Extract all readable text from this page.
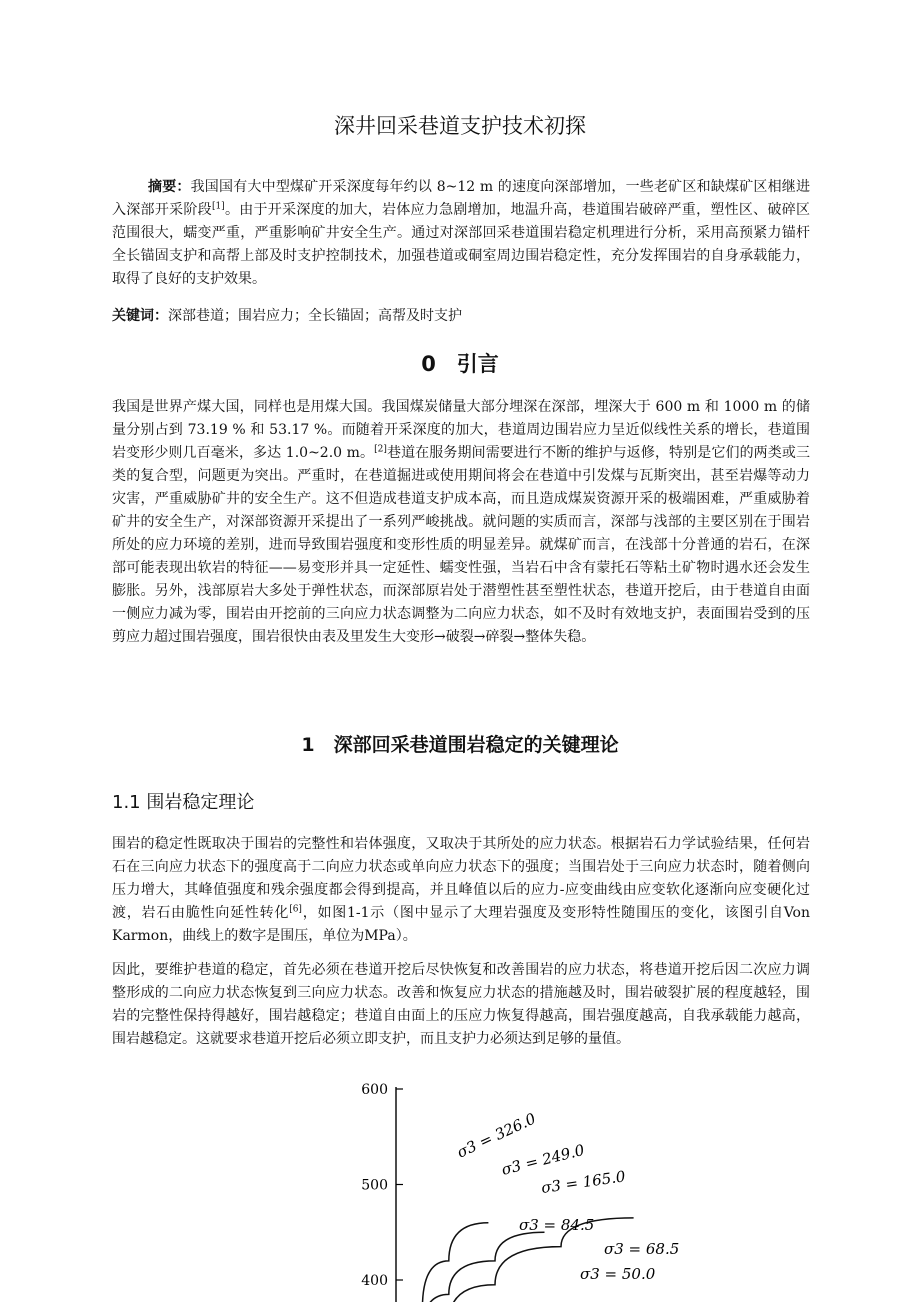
深井回采巷道支护技术初探

摘要：我国国有大中型煤矿开采深度每年约以 8~12 m 的速度向深部增加，一些老矿区和缺煤矿区相继进入深部开采阶段[1]。由于开采深度的加大，岩体应力急剧增加，地温升高，巷道围岩破碎严重，塑性区、破碎区范围很大，蠕变严重，严重影响矿井安全生产。通过对深部回采巷道围岩稳定机理进行分析，采用高预紧力锚杆全长锚固支护和高帮上部及时支护控制技术，加强巷道或硐室周边围岩稳定性，充分发挥围岩的自身承载能力，取得了良好的支护效果。

关键词：深部巷道；围岩应力；全长锚固；高帮及时支护

0　引言

我国是世界产煤大国，同样也是用煤大国。我国煤炭储量大部分埋深在深部，埋深大于 600 m 和 1000 m 的储量分别占到 73.19 % 和 53.17 %。而随着开采深度的加大，巷道周边围岩应力呈近似线性关系的增长，巷道围岩变形少则几百毫米，多达 1.0~2.0 m。[2]巷道在服务期间需要进行不断的维护与返修，特别是它们的两类或三类的复合型，问题更为突出。严重时，在巷道掘进或使用期间将会在巷道中引发煤与瓦斯突出，甚至岩爆等动力灾害，严重威胁矿井的安全生产。这不但造成巷道支护成本高，而且造成煤炭资源开采的极端困难，严重威胁着矿井的安全生产，对深部资源开采提出了一系列严峻挑战。就问题的实质而言，深部与浅部的主要区别在于围岩所处的应力环境的差别，进而导致围岩强度和变形性质的明显差异。就煤矿而言，在浅部十分普通的岩石，在深部可能表现出软岩的特征——易变形并具一定延性、蠕变性强，当岩石中含有蒙托石等粘土矿物时遇水还会发生膨胀。另外，浅部原岩大多处于弹性状态，而深部原岩处于潜塑性甚至塑性状态，巷道开挖后，由于巷道自由面一侧应力减为零，围岩由开挖前的三向应力状态调整为二向应力状态，如不及时有效地支护，表面围岩受到的压剪应力超过围岩强度，围岩很快由表及里发生大变形→破裂→碎裂→整体失稳。

1　深部回采巷道围岩稳定的关键理论
1.1 围岩稳定理论

围岩的稳定性既取决于围岩的完整性和岩体强度，又取决于其所处的应力状态。根据岩石力学试验结果，任何岩石在三向应力状态下的强度高于二向应力状态或单向应力状态下的强度；当围岩处于三向应力状态时，随着侧向压力增大，其峰值强度和残余强度都会得到提高，并且峰值以后的应力-应变曲线由应变软化逐渐向应变硬化过渡，岩石由脆性向延性转化[6]，如图1-1示（图中显示了大理岩强度及变形特性随围压的变化，该图引自Von Karmon，曲线上的数字是围压，单位为MPa）。

因此，要维护巷道的稳定，首先必须在巷道开挖后尽快恢复和改善围岩的应力状态，将巷道开挖后因二次应力调整形成的二向应力状态恢复到三向应力状态。改善和恢复应力状态的措施越及时，围岩破裂扩展的程度越轻，围岩的完整性保持得越好，围岩越稳定；巷道自由面上的压应力恢复得越高，围岩强度越高，自我承载能力越高，围岩越稳定。这就要求巷道开挖后必须立即支护，而且支护力必须达到足够的量值。

400
500
600
σ3 = 326.0
σ3 = 249.0
σ3 = 165.0
σ3 = 84.5
σ3 = 68.5
σ3 = 50.0
